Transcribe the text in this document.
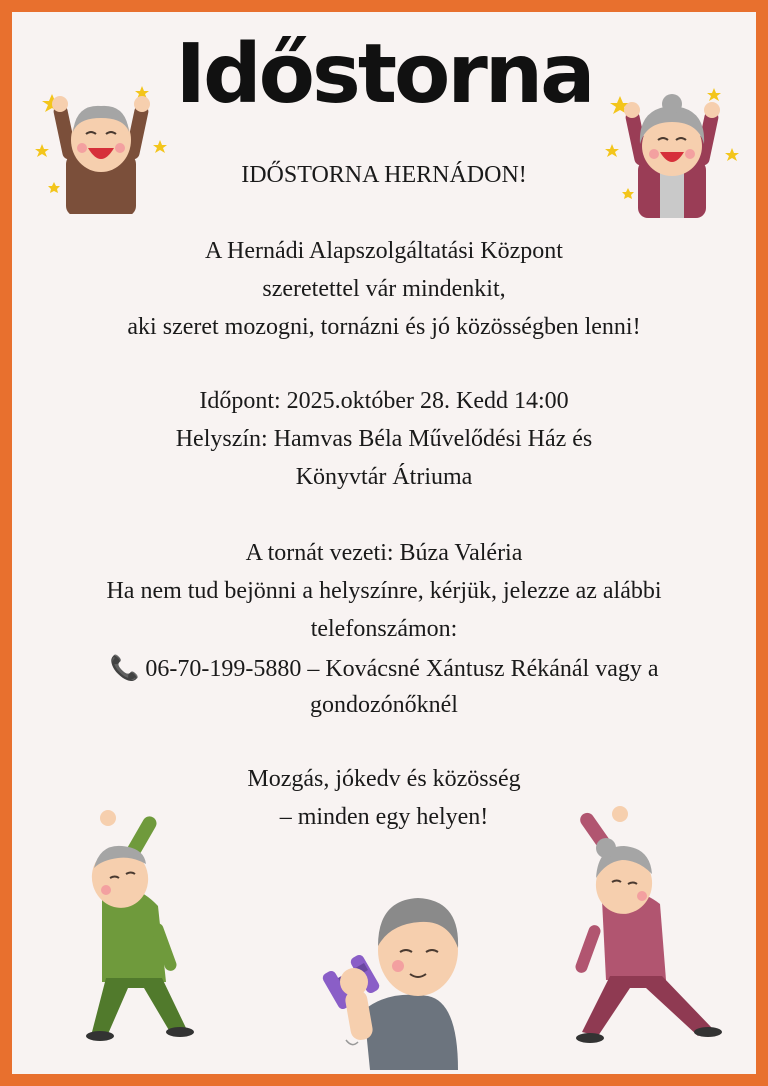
Időstorna
IDŐSTORNA HERNÁDON!
A Hernádi Alapszolgáltatási Központ
szeretettel vár mindenkit,
aki szeret mozogni, tornázni és jó közösségben lenni!
Időpont: 2025.október 28. Kedd 14:00
Helyszín: Hamvas Béla Művelődési Ház és
Könyvtár Átriuma
A tornát vezeti: Búza Valéria
Ha nem tud bejönni a helyszínre, kérjük, jelezze az alábbi
telefonszámon:
📞 06-70-199-5880 – Kovácsné Xántusz Rékánál vagy a
gondozónőknél
Mozgás, jókedv és közösség
– minden egy helyen!
